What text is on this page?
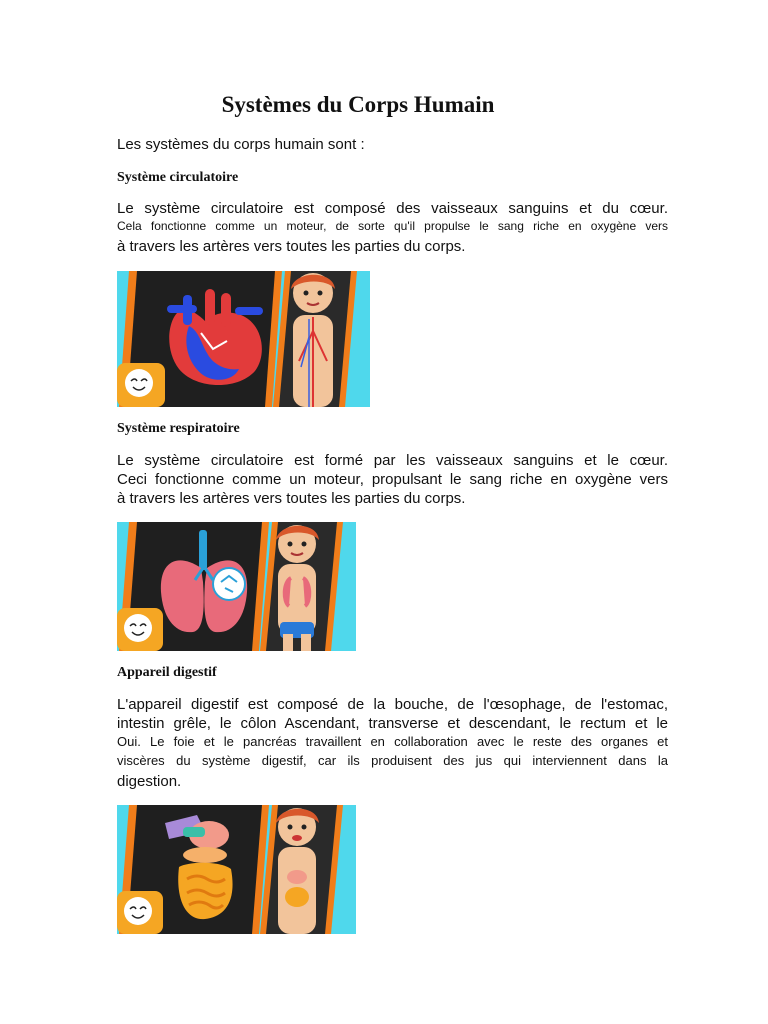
Systèmes du Corps Humain

Les systèmes du corps humain sont :

Système circulatoire

Le système circulatoire est composé des vaisseaux sanguins et du cœur.

Cela fonctionne comme un moteur, de sorte qu'il propulse le sang riche en oxygène vers

à travers les artères vers toutes les parties du corps.

Système respiratoire

Le système circulatoire est formé par les vaisseaux sanguins et le cœur.

Ceci fonctionne comme un moteur, propulsant le sang riche en oxygène vers

à travers les artères vers toutes les parties du corps.

Appareil digestif

L'appareil digestif est composé de la bouche, de l'œsophage, de l'estomac,

intestin grêle, le côlon Ascendant, transverse et descendant, le rectum et le

Oui. Le foie et le pancréas travaillent en collaboration avec le reste des organes et

viscères du système digestif, car ils produisent des jus qui interviennent dans la

digestion.
